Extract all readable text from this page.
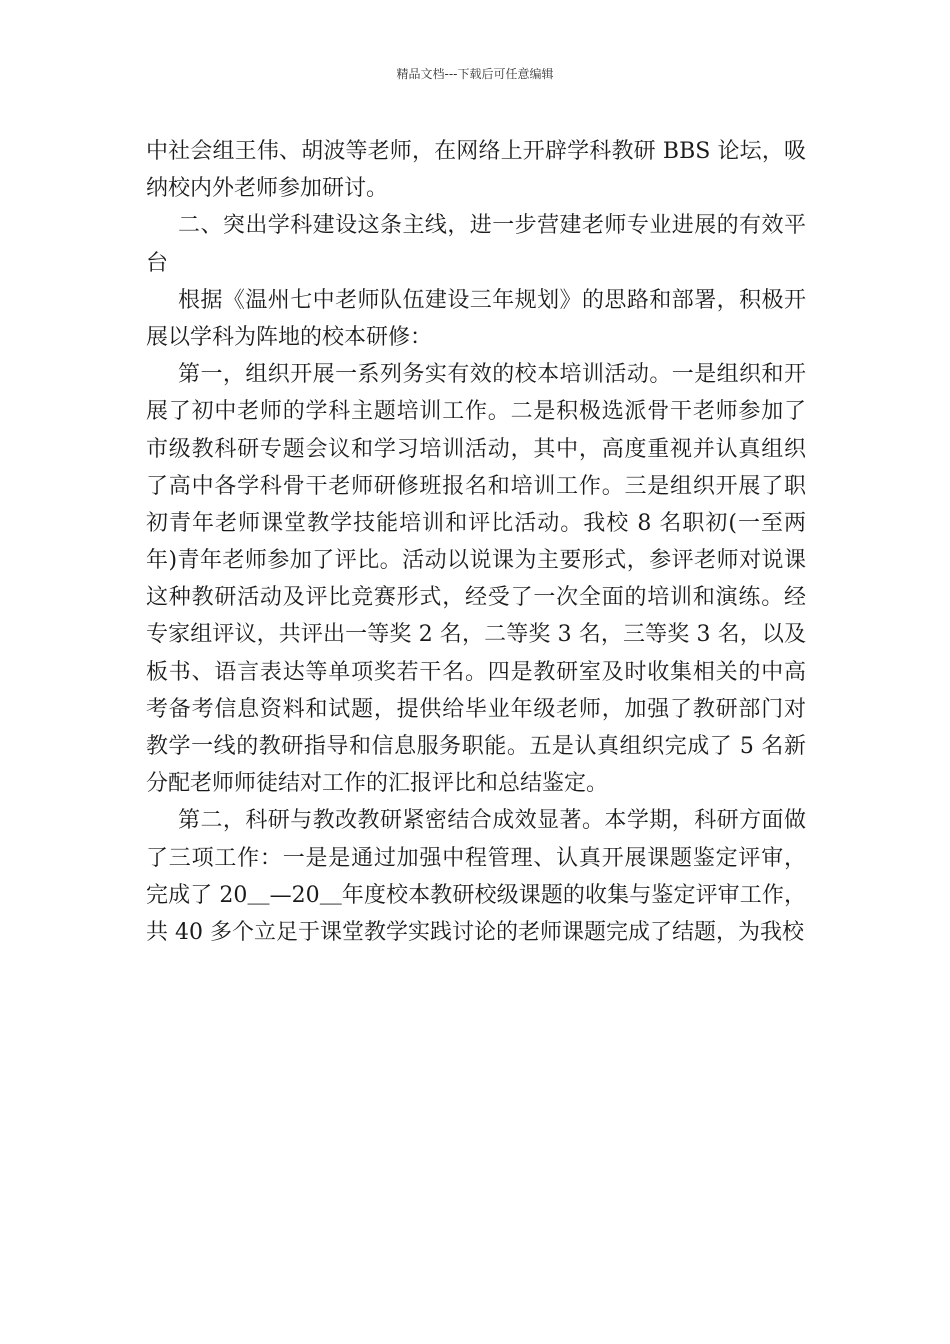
精品文档---下载后可任意编辑
中社会组王伟、胡波等老师，在网络上开辟学科教研 BBS 论坛，吸
纳校内外老师参加研讨。
二、突出学科建设这条主线，进一步营建老师专业进展的有效平
台
根据《温州七中老师队伍建设三年规划》的思路和部署，积极开
展以学科为阵地的校本研修：
第一，组织开展一系列务实有效的校本培训活动。一是组织和开
展了初中老师的学科主题培训工作。二是积极选派骨干老师参加了
市级教科研专题会议和学习培训活动，其中，高度重视并认真组织
了高中各学科骨干老师研修班报名和培训工作。三是组织开展了职
初青年老师课堂教学技能培训和评比活动。我校 8 名职初(一至两
年)青年老师参加了评比。活动以说课为主要形式，参评老师对说课
这种教研活动及评比竞赛形式，经受了一次全面的培训和演练。经
专家组评议，共评出一等奖 2 名，二等奖 3 名，三等奖 3 名，以及
板书、语言表达等单项奖若干名。四是教研室及时收集相关的中高
考备考信息资料和试题，提供给毕业年级老师，加强了教研部门对
教学一线的教研指导和信息服务职能。五是认真组织完成了 5 名新
分配老师师徒结对工作的汇报评比和总结鉴定。
第二，科研与教改教研紧密结合成效显著。本学期，科研方面做
了三项工作：一是是通过加强中程管理、认真开展课题鉴定评审，
完成了 20＿—20＿年度校本教研校级课题的收集与鉴定评审工作，
共 40 多个立足于课堂教学实践讨论的老师课题完成了结题，为我校
